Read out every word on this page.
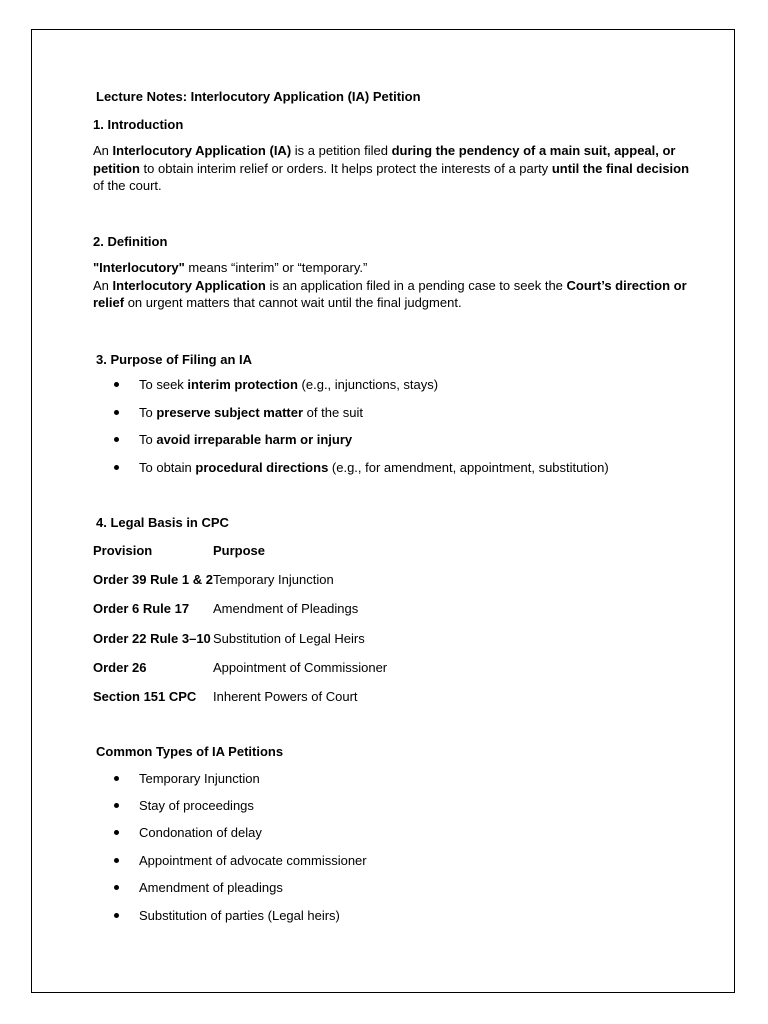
Lecture Notes: Interlocutory Application (IA) Petition
1. Introduction
An Interlocutory Application (IA) is a petition filed during the pendency of a main suit, appeal, or petition to obtain interim relief or orders. It helps protect the interests of a party until the final decision of the court.
2. Definition
"Interlocutory" means “interim” or “temporary.”
An Interlocutory Application is an application filed in a pending case to seek the Court’s direction or relief on urgent matters that cannot wait until the final judgment.
3. Purpose of Filing an IA
To seek interim protection (e.g., injunctions, stays)
To preserve subject matter of the suit
To avoid irreparable harm or injury
To obtain procedural directions (e.g., for amendment, appointment, substitution)
4. Legal Basis in CPC
Provision	Purpose
Order 39 Rule 1 & 2 Temporary Injunction
Order 6 Rule 17 Amendment of Pleadings
Order 22 Rule 3–10 Substitution of Legal Heirs
Order 26	Appointment of Commissioner
Section 151 CPC Inherent Powers of Court
Common Types of IA Petitions
Temporary Injunction
Stay of proceedings
Condonation of delay
Appointment of advocate commissioner
Amendment of pleadings
Substitution of parties (Legal heirs)
